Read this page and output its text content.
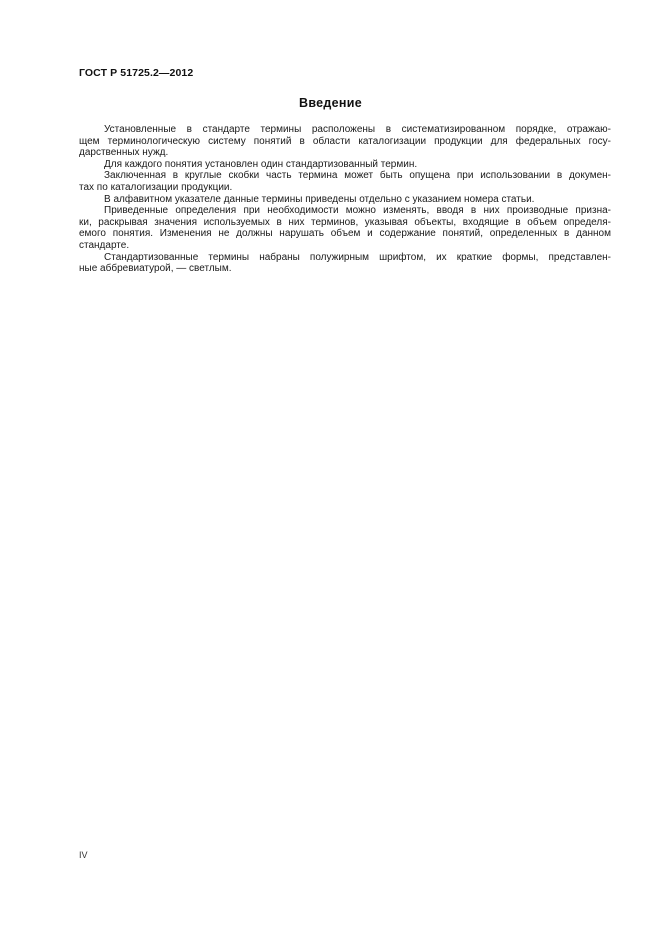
ГОСТ Р 51725.2—2012
Введение
Установленные в стандарте термины расположены в систематизированном порядке, отражаю-
щем терминологическую систему понятий в области каталогизации продукции для федеральных госу-
дарственных нужд.
Для каждого понятия установлен один стандартизованный термин.
Заключенная в круглые скобки часть термина может быть опущена при использовании в докумен-
тах по каталогизации продукции.
В алфавитном указателе данные термины приведены отдельно с указанием номера статьи.
Приведенные определения при необходимости можно изменять, вводя в них производные призна-
ки, раскрывая значения используемых в них терминов, указывая объекты, входящие в объем определя-
емого понятия. Изменения не должны нарушать объем и содержание понятий, определенных в данном
стандарте.
Стандартизованные термины набраны полужирным шрифтом, их краткие формы, представлен-
ные аббревиатурой, — светлым.
IV
